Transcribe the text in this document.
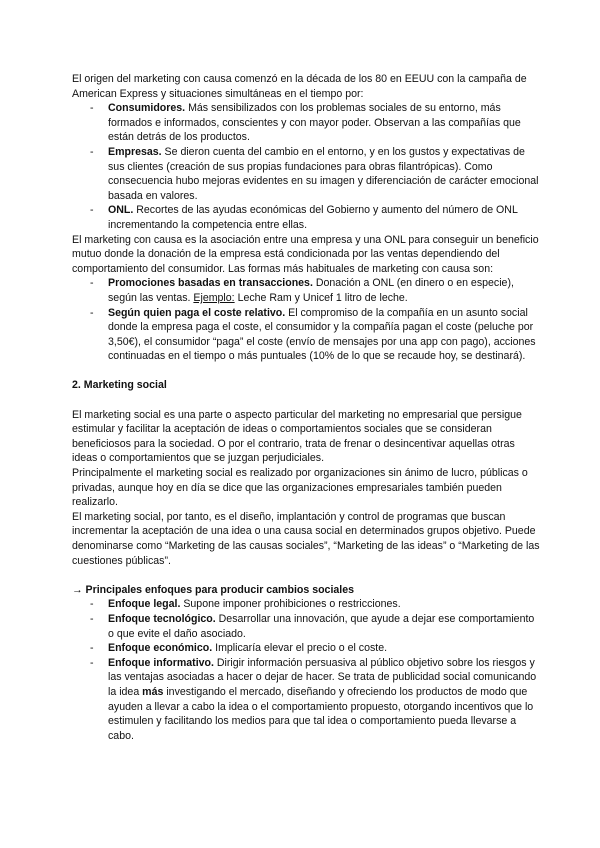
El origen del marketing con causa comenzó en la década de los 80 en EEUU con la campaña de American Express y situaciones simultáneas en el tiempo por:

- Consumidores. Más sensibilizados con los problemas sociales de su entorno, más formados e informados, conscientes y con mayor poder. Observan a las compañías que están detrás de los productos.
- Empresas. Se dieron cuenta del cambio en el entorno, y en los gustos y expectativas de sus clientes (creación de sus propias fundaciones para obras filantrópicas). Como consecuencia hubo mejoras evidentes en su imagen y diferenciación de carácter emocional basada en valores.
- ONL. Recortes de las ayudas económicas del Gobierno y aumento del número de ONL incrementando la competencia entre ellas.

El marketing con causa es la asociación entre una empresa y una ONL para conseguir un beneficio mutuo donde la donación de la empresa está condicionada por las ventas dependiendo del comportamiento del consumidor. Las formas más habituales de marketing con causa son:

- Promociones basadas en transacciones. Donación a ONL (en dinero o en especie), según las ventas. Ejemplo: Leche Ram y Unicef 1 litro de leche.
- Según quien paga el coste relativo. El compromiso de la compañía en un asunto social donde la empresa paga el coste, el consumidor y la compañía pagan el coste (peluche por 3,50€), el consumidor “paga” el coste (envío de mensajes por una app con pago), acciones continuadas en el tiempo o más puntuales (10% de lo que se recaude hoy, se destinará).
2. Marketing social

El marketing social es una parte o aspecto particular del marketing no empresarial que persigue estimular y facilitar la aceptación de ideas o comportamientos sociales que se consideran beneficiosos para la sociedad. O por el contrario, trata de frenar o desincentivar aquellas otras ideas o comportamientos que se juzgan perjudiciales.

Principalmente el marketing social es realizado por organizaciones sin ánimo de lucro, públicas o privadas, aunque hoy en día se dice que las organizaciones empresariales también pueden realizarlo.

El marketing social, por tanto, es el diseño, implantación y control de programas que buscan incrementar la aceptación de una idea o una causa social en determinados grupos objetivo. Puede denominarse como “Marketing de las causas sociales”, “Marketing de las ideas” o “Marketing de las cuestiones públicas”.

→ Principales enfoques para producir cambios sociales

- Enfoque legal. Supone imponer prohibiciones o restricciones.
- Enfoque tecnológico. Desarrollar una innovación, que ayude a dejar ese comportamiento o que evite el daño asociado.
- Enfoque económico. Implicaría elevar el precio o el coste.
- Enfoque informativo. Dirigir información persuasiva al público objetivo sobre los riesgos y las ventajas asociadas a hacer o dejar de hacer. Se trata de publicidad social comunicando la idea más investigando el mercado, diseñando y ofreciendo los productos de modo que ayuden a llevar a cabo la idea o el comportamiento propuesto, otorgando incentivos que lo estimulen y facilitando los medios para que tal idea o comportamiento pueda llevarse a cabo.
